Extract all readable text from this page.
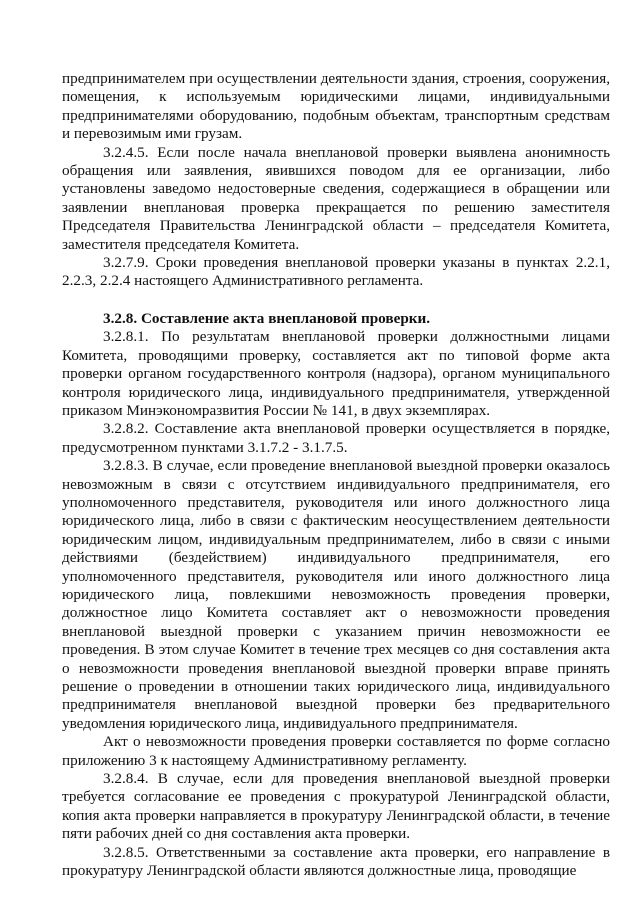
предпринимателем при осуществлении деятельности здания, строения, сооружения, помещения, к используемым юридическими лицами, индивидуальными предпринимателями оборудованию, подобным объектам, транспортным средствам и перевозимым ими грузам.

3.2.4.5. Если после начала внеплановой проверки выявлена анонимность обращения или заявления, явившихся поводом для ее организации, либо установлены заведомо недостоверные сведения, содержащиеся в обращении или заявлении внеплановая проверка прекращается по решению заместителя Председателя Правительства Ленинградской области – председателя Комитета, заместителя председателя Комитета.

3.2.7.9. Сроки проведения внеплановой проверки указаны в пунктах 2.2.1, 2.2.3, 2.2.4 настоящего Административного регламента.

3.2.8. Составление акта внеплановой проверки.

3.2.8.1. По результатам внеплановой проверки должностными лицами Комитета, проводящими проверку, составляется акт по типовой форме акта проверки органом государственного контроля (надзора), органом муниципального контроля юридического лица, индивидуального предпринимателя, утвержденной приказом Минэкономразвития России № 141, в двух экземплярах.

3.2.8.2. Составление акта внеплановой проверки осуществляется в порядке, предусмотренном пунктами 3.1.7.2 - 3.1.7.5.

3.2.8.3. В случае, если проведение внеплановой выездной проверки оказалось невозможным в связи с отсутствием индивидуального предпринимателя, его уполномоченного представителя, руководителя или иного должностного лица юридического лица, либо в связи с фактическим неосуществлением деятельности юридическим лицом, индивидуальным предпринимателем, либо в связи с иными действиями (бездействием) индивидуального предпринимателя, его уполномоченного представителя, руководителя или иного должностного лица юридического лица, повлекшими невозможность проведения проверки, должностное лицо Комитета составляет акт о невозможности проведения внеплановой выездной проверки с указанием причин невозможности ее проведения. В этом случае Комитет в течение трех месяцев со дня составления акта о невозможности проведения внеплановой выездной проверки вправе принять решение о проведении в отношении таких юридического лица, индивидуального предпринимателя внеплановой выездной проверки без предварительного уведомления юридического лица, индивидуального предпринимателя.

Акт о невозможности проведения проверки составляется по форме согласно приложению 3 к настоящему Административному регламенту.

3.2.8.4. В случае, если для проведения внеплановой выездной проверки требуется согласование ее проведения с прокуратурой Ленинградской области, копия акта проверки направляется в прокуратуру Ленинградской области, в течение пяти рабочих дней со дня составления акта проверки.

3.2.8.5. Ответственными за составление акта проверки, его направление в прокуратуру Ленинградской области являются должностные лица, проводящие
